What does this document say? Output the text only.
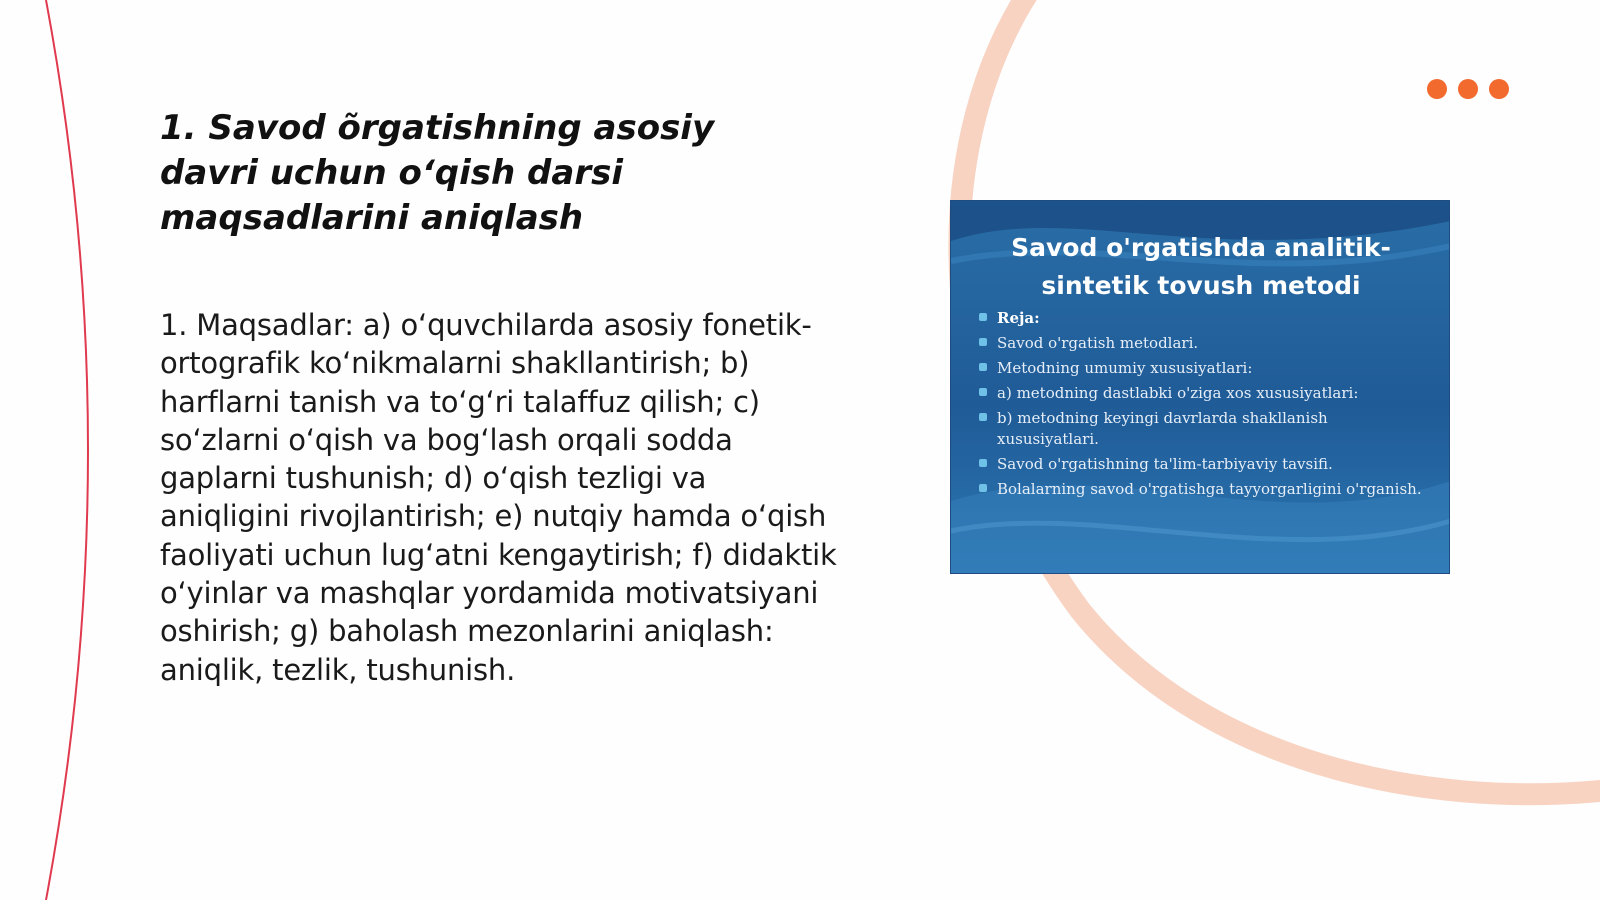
1. Savod õrgatishning asosiy davri uchun oʻqish darsi maqsadlarini aniqlash

1. Maqsadlar: a) oʻquvchilarda asosiy fonetik-ortografik koʻnikmalarni shakllantirish; b) harflarni tanish va toʻgʻri talaffuz qilish; c) soʻzlarni oʻqish va bogʻlash orqali sodda gaplarni tushunish; d) oʻqish tezligi va aniqligini rivojlantirish; e) nutqiy hamda oʻqish faoliyati uchun lugʻatni kengaytirish; f) didaktik oʻyinlar va mashqlar yordamida motivatsiyani oshirish; g) baholash mezonlarini aniqlash: aniqlik, tezlik, tushunish.

Savod o'rgatishda analitik-sintetik tovush metodi
Reja:
Savod o'rgatish metodlari.
Metodning umumiy xususiyatlari:
a) metodning dastlabki o'ziga xos xususiyatlari:
b) metodning keyingi davrlarda shakllanish xususiyatlari.
Savod o'rgatishning ta'lim-tarbiyaviy tavsifi.
Bolalarning savod o'rgatishga tayyorgarligini o'rganish.
